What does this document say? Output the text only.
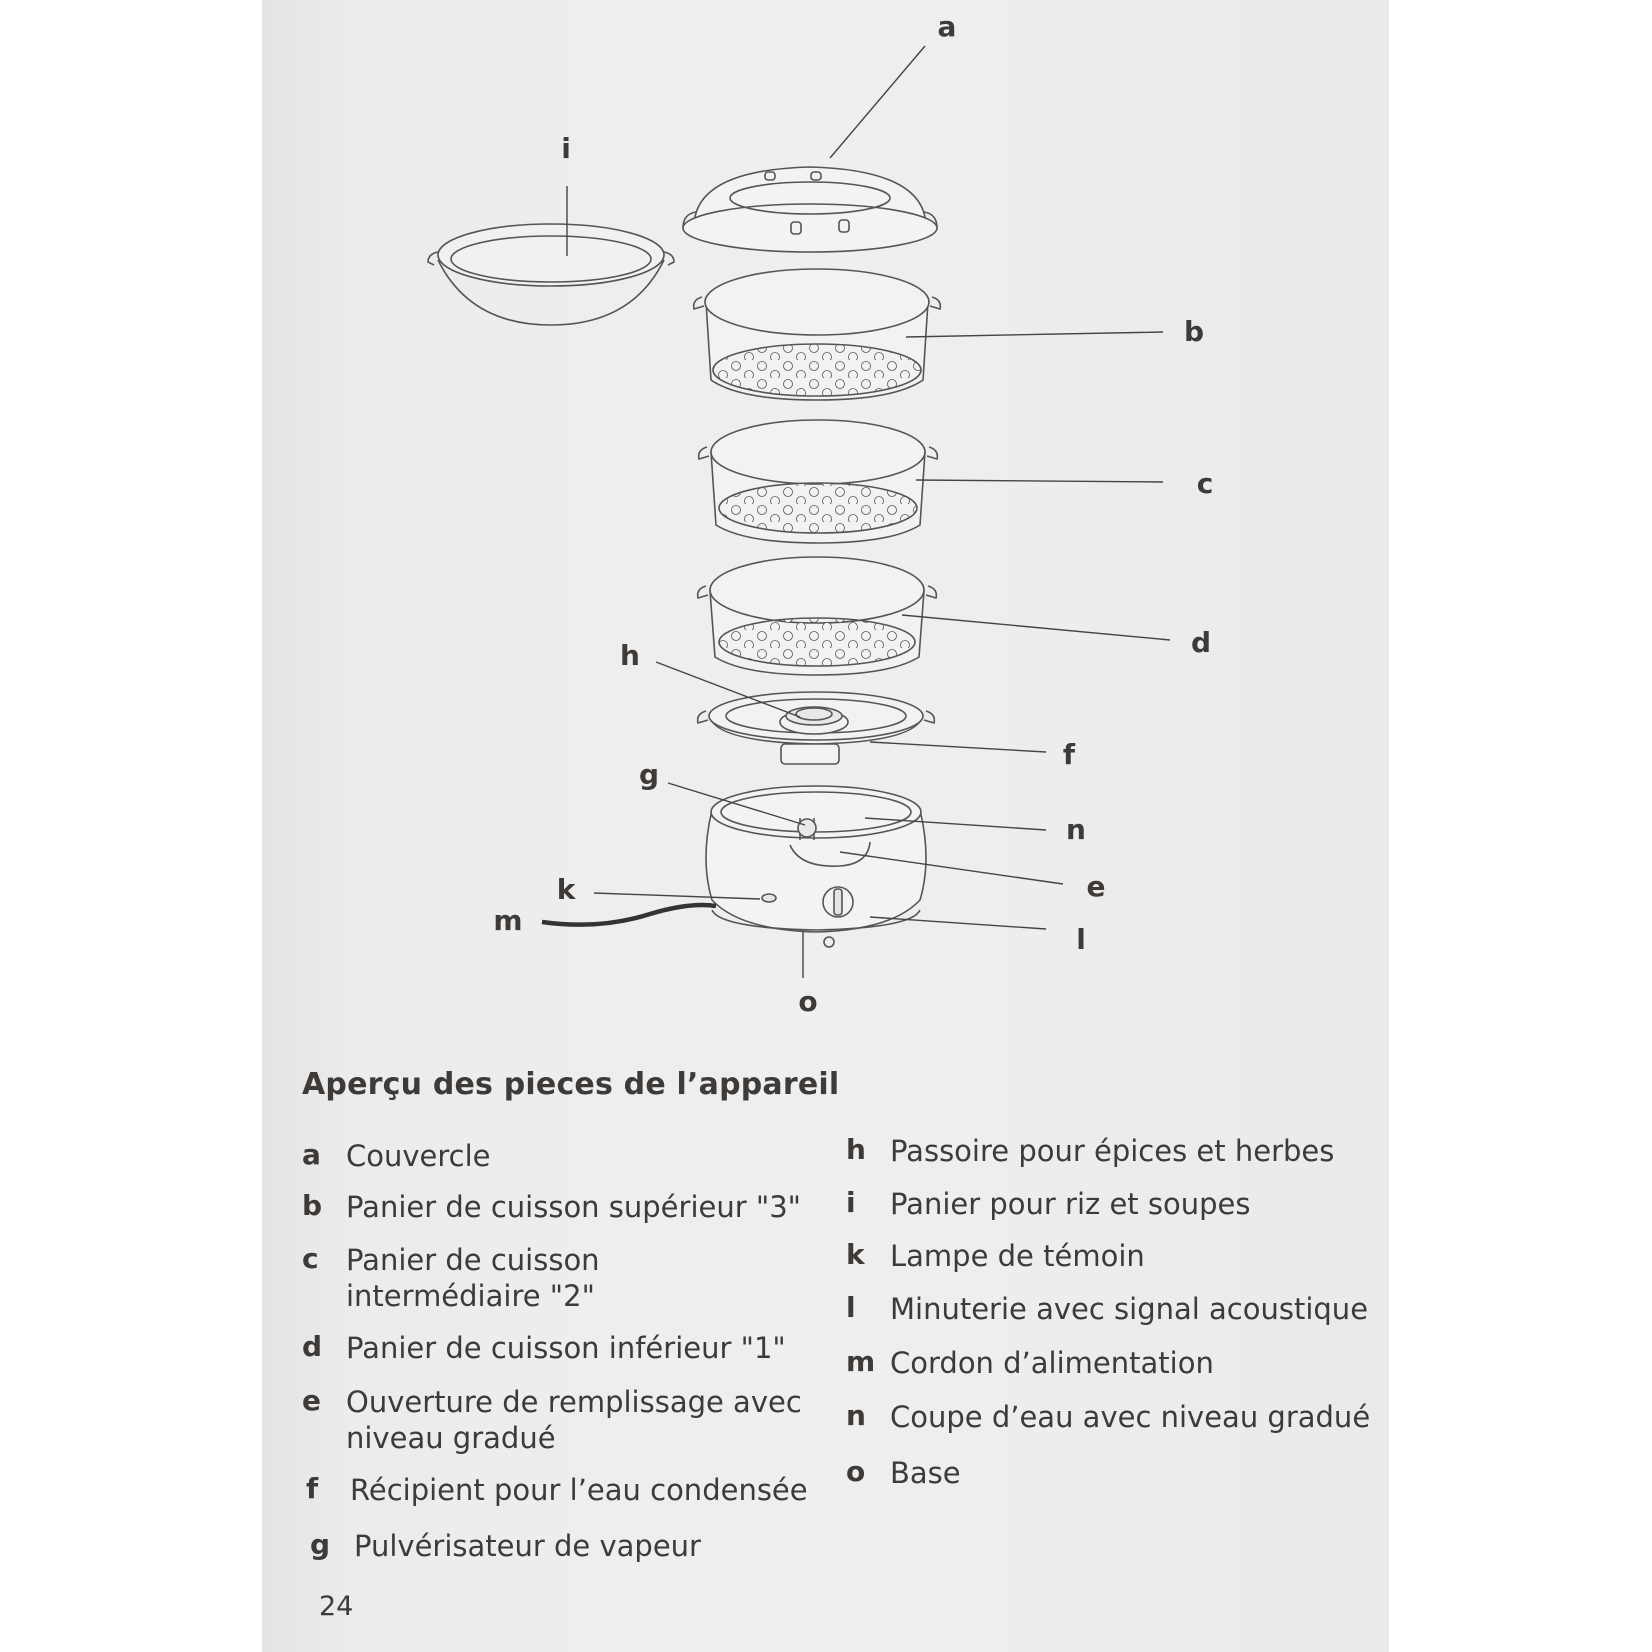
a
i
b
c
d
h
f
g
n
e
k
m
l
o
Aperçu des pieces de l’appareil
a Couvercle
b Panier de cuisson supérieur "3"
c Panier de cuisson
intermédiaire "2"
d Panier de cuisson inférieur "1"
e Ouverture de remplissage avec
niveau gradué
f Récipient pour l’eau condensée
g Pulvérisateur de vapeur
h Passoire pour épices et herbes
i Panier pour riz et soupes
k Lampe de témoin
l Minuterie avec signal acoustique
m Cordon d’alimentation
n Coupe d’eau avec niveau gradué
o Base
24
